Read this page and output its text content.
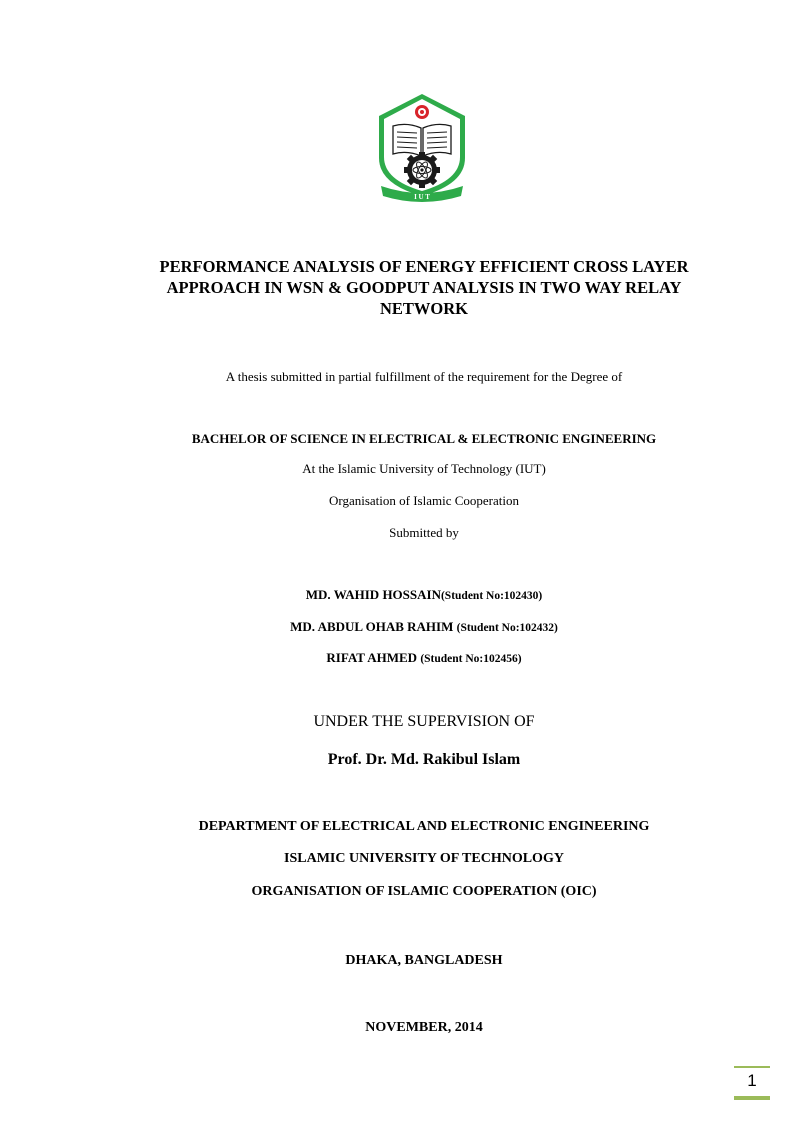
I U T
PERFORMANCE ANALYSIS OF ENERGY EFFICIENT CROSS LAYER
APPROACH IN WSN & GOODPUT ANALYSIS IN TWO WAY RELAY
NETWORK
A thesis submitted in partial fulfillment of the requirement for the Degree of
BACHELOR OF SCIENCE IN ELECTRICAL & ELECTRONIC ENGINEERING
At the Islamic University of Technology (IUT)
Organisation of Islamic Cooperation
Submitted by
MD. WAHID HOSSAIN(Student No:102430)
MD. ABDUL OHAB RAHIM (Student No:102432)
RIFAT AHMED (Student No:102456)
UNDER THE SUPERVISION OF
Prof. Dr. Md. Rakibul Islam
DEPARTMENT OF ELECTRICAL AND ELECTRONIC ENGINEERING
ISLAMIC UNIVERSITY OF TECHNOLOGY
ORGANISATION OF ISLAMIC COOPERATION (OIC)
DHAKA, BANGLADESH
NOVEMBER, 2014
1
